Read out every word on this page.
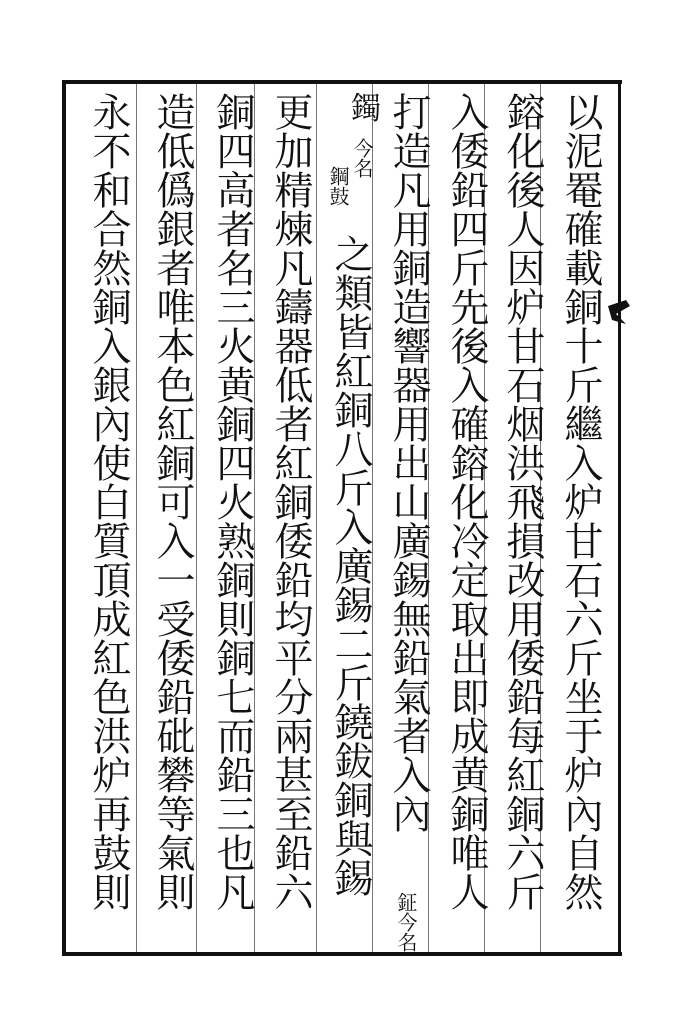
以泥罨確載銅十斤繼入炉甘石六斤坐于炉內自然
鎔化後人因炉甘石烟洪飛損改用倭鉛每紅銅六斤
入倭鉛四斤先後入確鎔化冷定取出即成黄銅唯人
打造凡用銅造響器用出山廣錫無鉛氣者入內
鉦今名
鐲
今名
鋼鼓
之類皆紅銅八斤入廣錫二斤鐃鈸銅與錫
更加精煉凡鑄器低者紅銅倭鉛均平分兩甚至鉛六
銅四高者名三火黄銅四火熟銅則銅七而鉛三也凡
造低僞銀者唯本色紅銅可入一受倭鉛砒礬等氣則
永不和合然銅入銀內使白質頂成紅色洪炉再鼓則
